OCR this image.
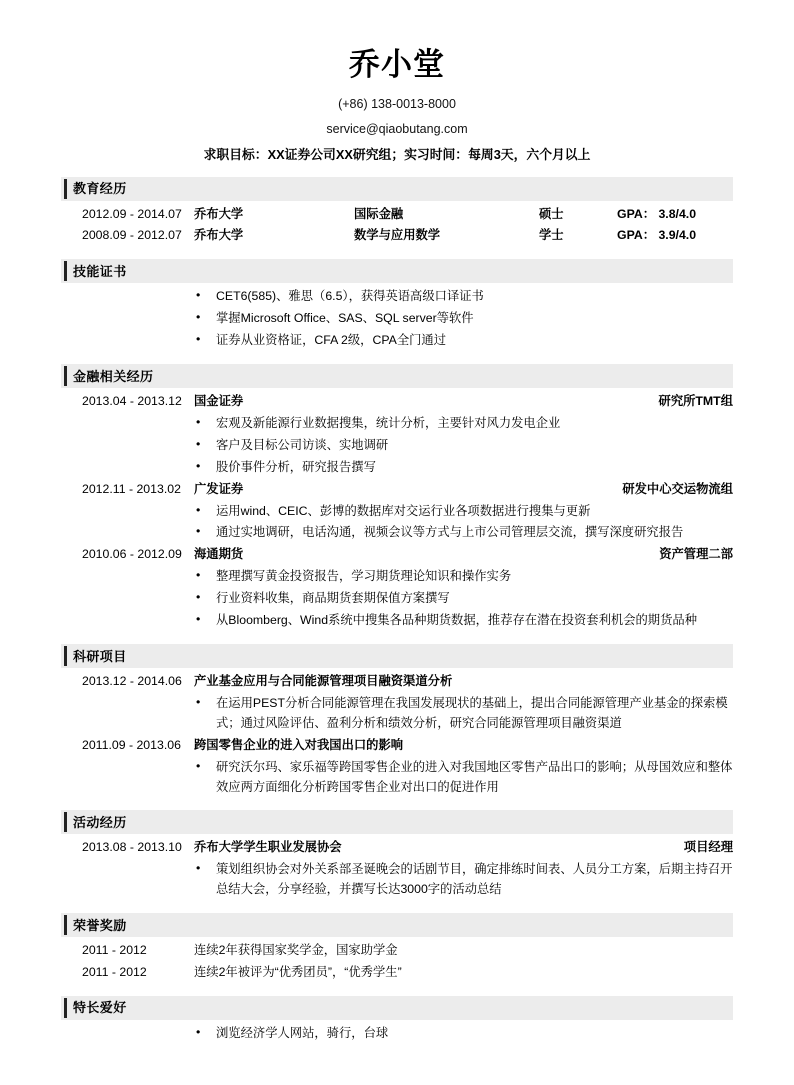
乔小堂

(+86) 138-0013-8000

service@qiaobutang.com

求职目标：XX证券公司XX研究组；实习时间：每周3天，六个月以上

教育经历
2012.09 - 2014.07 乔布大学	国际金融	硕士	GPA： 3.8/4.0
2008.09 - 2012.07 乔布大学	数学与应用数学	学士	GPA： 3.9/4.0
技能证书
• CET6(585)、雅思（6.5），获得英语高级口译证书
• 掌握Microsoft Office、SAS、SQL server等软件
• 证券从业资格证，CFA 2级，CPA全门通过
金融相关经历
2013.04 - 2013.12 国金证券	研究所TMT组
• 宏观及新能源行业数据搜集，统计分析，主要针对风力发电企业
• 客户及目标公司访谈、实地调研
• 股价事件分析，研究报告撰写
2012.11 - 2013.02	广发证券	研发中心交运物流组
• 运用wind、CEIC、彭博的数据库对交运行业各项数据进行搜集与更新
• 通过实地调研，电话沟通，视频会议等方式与上市公司管理层交流，撰写深度研究报告
2010.06 - 2012.09 海通期货	资产管理二部
• 整理撰写黄金投资报告，学习期货理论知识和操作实务
• 行业资料收集，商品期货套期保值方案撰写
• 从Bloomberg、Wind系统中搜集各品种期货数据，推荐存在潜在投资套利机会的期货品种
科研项目
2013.12 - 2014.06 产业基金应用与合同能源管理项目融资渠道分析
• 在运用PEST分析合同能源管理在我国发展现状的基础上，提出合同能源管理产业基金的探索模式；通过风险评估、盈利分析和绩效分析，研究合同能源管理项目融资渠道
2011.09 - 2013.06	跨国零售企业的进入对我国出口的影响
• 研究沃尔玛、家乐福等跨国零售企业的进入对我国地区零售产品出口的影响；从母国效应和整体效应两方面细化分析跨国零售企业对出口的促进作用
活动经历
2013.08 - 2013.10 乔布大学学生职业发展协会	项目经理
• 策划组织协会对外关系部圣诞晚会的话剧节目，确定排练时间表、人员分工方案，后期主持召开总结大会，分享经验，并撰写长达3000字的活动总结
荣誉奖励
2011 - 2012	连续2年获得国家奖学金，国家助学金
2011 - 2012	连续2年被评为“优秀团员”，“优秀学生”
特长爱好
• 浏览经济学人网站，骑行，台球
